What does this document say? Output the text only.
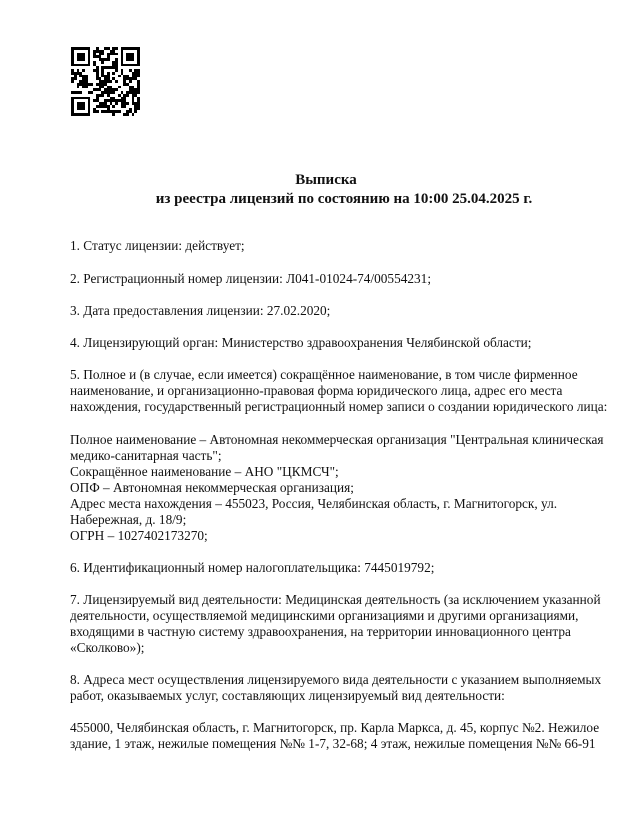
Выписка
из реестра лицензий по состоянию на 10:00 25.04.2025 г.
1. Статус лицензии: действует;
2. Регистрационный номер лицензии: Л041-01024-74/00554231;
3. Дата предоставления лицензии: 27.02.2020;
4. Лицензирующий орган: Министерство здравоохранения Челябинской области;
5. Полное и (в случае, если имеется) сокращённое наименование, в том числе фирменное
наименование, и организационно-правовая форма юридического лица, адрес его места
нахождения, государственный регистрационный номер записи о создании юридического лица:
Полное наименование – Автономная некоммерческая организация "Центральная клиническая
медико-санитарная часть";
Сокращённое наименование – АНО "ЦКМСЧ";
ОПФ – Автономная некоммерческая организация;
Адрес места нахождения – 455023, Россия, Челябинская область, г. Магнитогорск, ул.
Набережная, д. 18/9;
ОГРН – 1027402173270;
6. Идентификационный номер налогоплательщика: 7445019792;
7. Лицензируемый вид деятельности: Медицинская деятельность (за исключением указанной
деятельности, осуществляемой медицинскими организациями и другими организациями,
входящими в частную систему здравоохранения, на территории инновационного центра
«Сколково»);
8. Адреса мест осуществления лицензируемого вида деятельности с указанием выполняемых
работ, оказываемых услуг, составляющих лицензируемый вид деятельности:
455000, Челябинская область, г. Магнитогорск, пр. Карла Маркса, д. 45, корпус №2. Нежилое
здание, 1 этаж, нежилые помещения №№ 1-7, 32-68; 4 этаж, нежилые помещения №№ 66-91
